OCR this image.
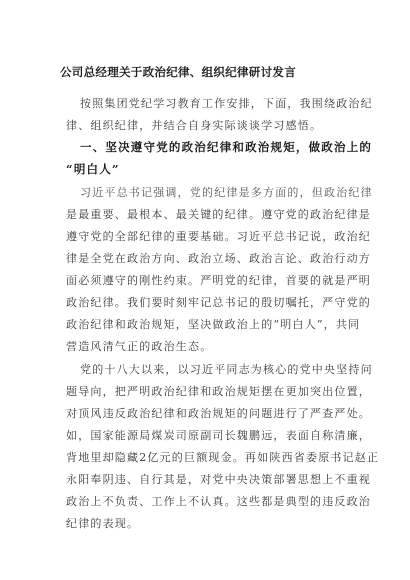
公司总经理关于政治纪律、组织纪律研讨发言
按照集团党纪学习教育工作安排，下面，我围绕政治纪
律、组织纪律，并结合自身实际谈谈学习感悟。
一、坚决遵守党的政治纪律和政治规矩，做政治上的
“明白人”
习近平总书记强调，党的纪律是多方面的，但政治纪律
是最重要、最根本、最关键的纪律。遵守党的政治纪律是
遵守党的全部纪律的重要基础。习近平总书记说，政治纪
律是全党在政治方向、政治立场、政治言论、政治行动方
面必须遵守的刚性约束。严明党的纪律，首要的就是严明
政治纪律。我们要时刻牢记总书记的殷切嘱托，严守党的
政治纪律和政治规矩，坚决做政治上的“明白人”，共同
营造风清气正的政治生态。
党的十八大以来，以习近平同志为核心的党中央坚持问
题导向，把严明政治纪律和政治规矩摆在更加突出位置，
对顶风违反政治纪律和政治规矩的问题进行了严查严处。
如，国家能源局煤炭司原副司长魏鹏远，表面自称清廉，
背地里却隐藏2亿元的巨额现金。再如陕西省委原书记赵正
永阳奉阴违、自行其是，对党中央决策部署思想上不重视
政治上不负责、工作上不认真。这些都是典型的违反政治
纪律的表现。
